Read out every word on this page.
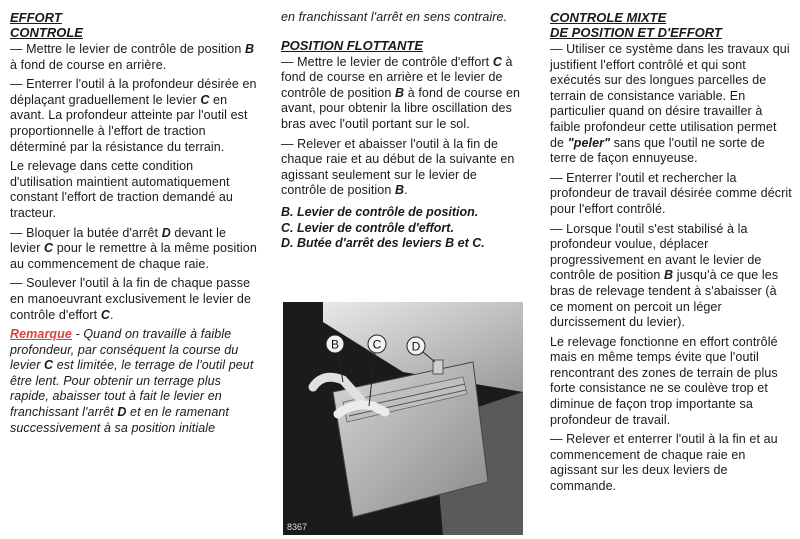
EFFORT
CONTROLE
— Mettre le levier de contrôle de position B à fond de course en arrière.
— Enterrer l'outil à la profondeur désirée en déplaçant graduellement le levier C en avant. La profondeur atteinte par l'outil est proportionnelle à l'effort de traction déterminé par la résistance du terrain.
Le relevage dans cette condition d'utilisation maintient automatiquement constant l'effort de traction demandé au tracteur.
— Bloquer la butée d'arrêt D devant le levier C pour le remettre à la même position au commencement de chaque raie.
— Soulever l'outil à la fin de chaque passe en manoeuvrant exclusivement le levier de contrôle d'effort C.
Remarque - Quand on travaille à faible profondeur, par conséquent la course du levier C est limitée, le terrage de l'outil peut être lent. Pour obtenir un terrage plus rapide, abaisser tout à fait le levier en franchissant l'arrêt D et en le ramenant successivement à sa position initiale
en franchissant l'arrêt en sens contraire.
POSITION FLOTTANTE
— Mettre le levier de contrôle d'effort C à fond de course en arrière et le levier de contrôle de position B à fond de course en avant, pour obtenir la libre oscillation des bras avec l'outil portant sur le sol.
— Relever et abaisser l'outil à la fin de chaque raie et au début de la suivante en agissant seulement sur le levier de contrôle de position B.
B. Levier de contrôle de position.
C. Levier de contrôle d'effort.
D. Butée d'arrêt des leviers B et C.
B	C	D
8367
CONTROLE MIXTE
DE POSITION ET D'EFFORT
— Utiliser ce système dans les travaux qui justifient l'effort contrôlé et qui sont exécutés sur des longues parcelles de terrain de consistance variable. En particulier quand on désire travailler à faible profondeur cette utilisation permet de "peler" sans que l'outil ne sorte de terre de façon ennuyeuse.
— Enterrer l'outil et rechercher la profondeur de travail désirée comme décrit pour l'effort contrôlé.
— Lorsque l'outil s'est stabilisé à la profondeur voulue, déplacer progressivement en avant le levier de contrôle de position B jusqu'à ce que les bras de relevage tendent à s'abaisser (à ce moment on percoit un léger durcissement du levier).
Le relevage fonctionne en effort contrôlé mais en même temps évite que l'outil rencontrant des zones de terrain de plus forte consistance ne se coulève trop et diminue de façon trop importante sa profondeur de travail.
— Relever et enterrer l'outil à la fin et au commencement de chaque raie en agissant sur les deux leviers de commande.
